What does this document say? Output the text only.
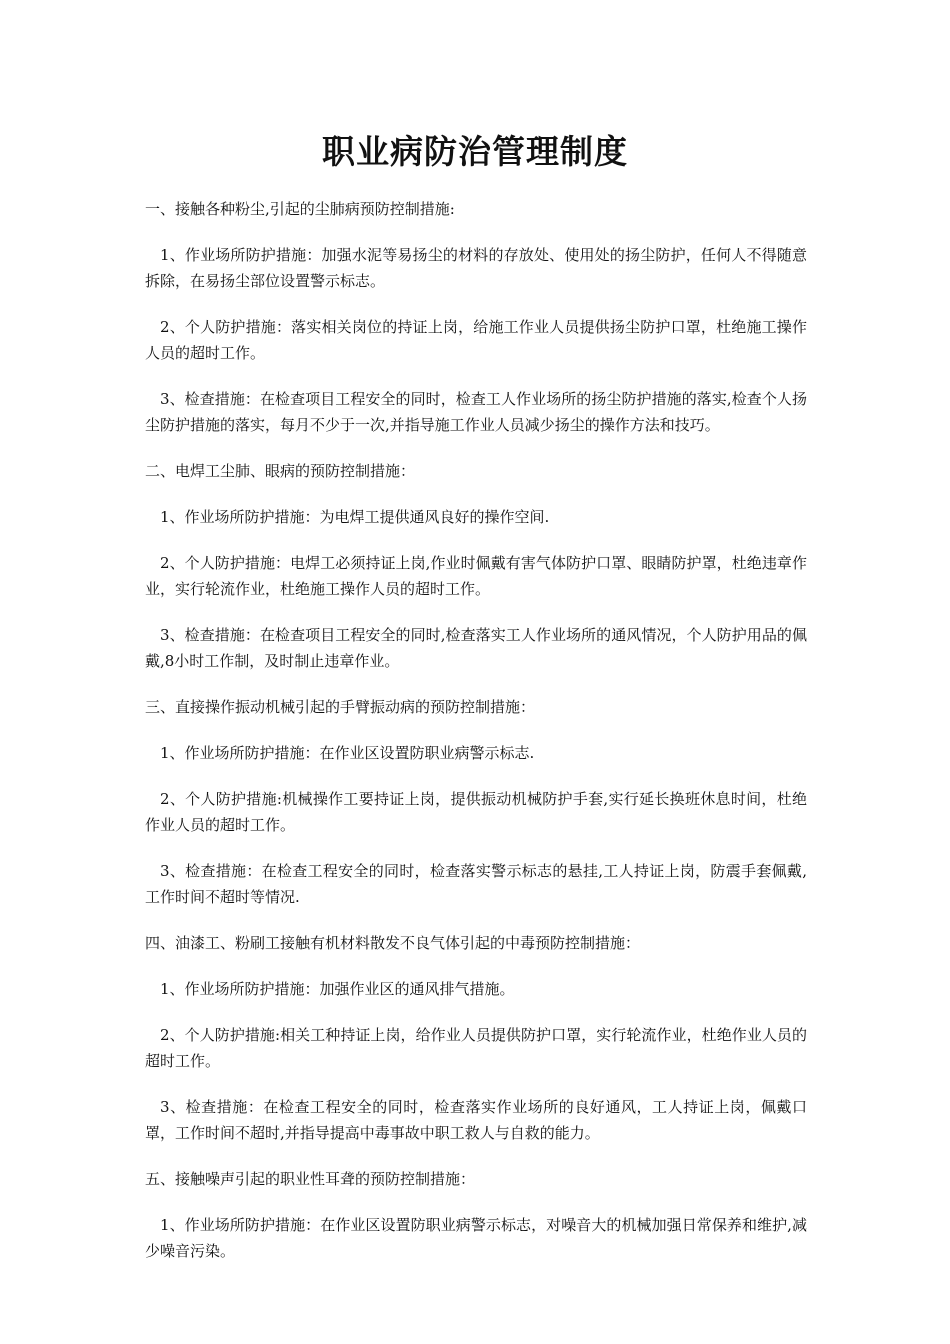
职业病防治管理制度

一、接触各种粉尘,引起的尘肺病预防控制措施:

1、作业场所防护措施：加强水泥等易扬尘的材料的存放处、使用处的扬尘防护，任何人不得随意拆除，在易扬尘部位设置警示标志。

2、个人防护措施：落实相关岗位的持证上岗，给施工作业人员提供扬尘防护口罩，杜绝施工操作人员的超时工作。

3、检查措施：在检查项目工程安全的同时，检查工人作业场所的扬尘防护措施的落实,检查个人扬尘防护措施的落实，每月不少于一次,并指导施工作业人员减少扬尘的操作方法和技巧。

二、电焊工尘肺、眼病的预防控制措施：

1、作业场所防护措施：为电焊工提供通风良好的操作空间.

2、个人防护措施：电焊工必须持证上岗,作业时佩戴有害气体防护口罩、眼睛防护罩，杜绝违章作业，实行轮流作业，杜绝施工操作人员的超时工作。

3、检查措施：在检查项目工程安全的同时,检查落实工人作业场所的通风情况，个人防护用品的佩戴,8小时工作制，及时制止违章作业。

三、直接操作振动机械引起的手臂振动病的预防控制措施：

1、作业场所防护措施：在作业区设置防职业病警示标志.

2、个人防护措施:机械操作工要持证上岗，提供振动机械防护手套,实行延长换班休息时间，杜绝作业人员的超时工作。

3、检查措施：在检查工程安全的同时，检查落实警示标志的悬挂,工人持证上岗，防震手套佩戴,工作时间不超时等情况.

四、油漆工、粉刷工接触有机材料散发不良气体引起的中毒预防控制措施：

1、作业场所防护措施：加强作业区的通风排气措施。

2、个人防护措施:相关工种持证上岗，给作业人员提供防护口罩，实行轮流作业，杜绝作业人员的超时工作。

3、检查措施：在检查工程安全的同时，检查落实作业场所的良好通风，工人持证上岗，佩戴口罩，工作时间不超时,并指导提高中毒事故中职工救人与自救的能力。

五、接触噪声引起的职业性耳聋的预防控制措施：

1、作业场所防护措施：在作业区设置防职业病警示标志，对噪音大的机械加强日常保养和维护,减少噪音污染。
